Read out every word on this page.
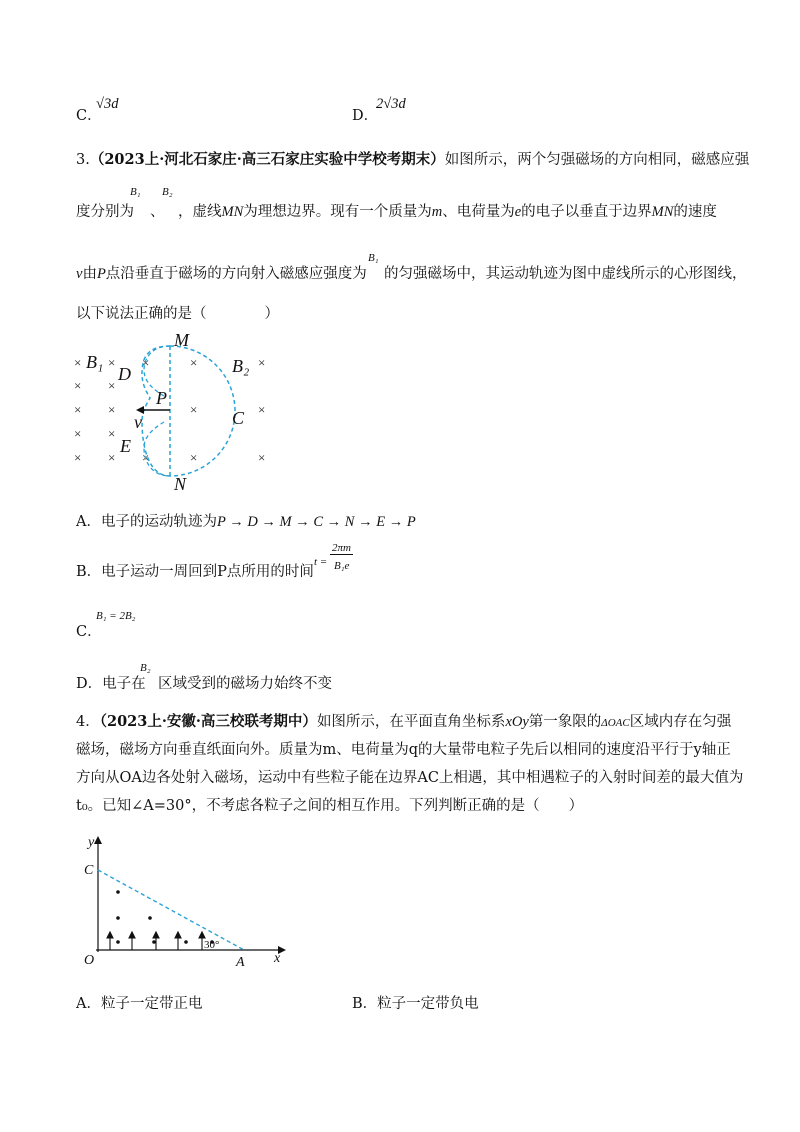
C．
√3d
D．
2√3d
3.（2023上·河北石家庄·高三石家庄实验中学校考期末）如图所示，两个匀强磁场的方向相同，磁感应强
度分别为
B₁
、
B₂
，虚线MN为理想边界。现有一个质量为m、电荷量为e的电子以垂直于边界MN的速度
v由P点沿垂直于磁场的方向射入磁感应强度为
B₁
的匀强磁场中，其运动轨迹为图中虚线所示的心形图线，
以下说法正确的是（　　　　）
× × ×	×	×
× ×
× ×	×	×
× ×
× × ×	×	×
M
N
P
C
D
E
v
B₁	B₂
A．电子的运动轨迹为P → D → M → C → N → E → P
B．电子运动一周回到P点所用的时间
t =
2πm
B₁e
C．
B₁ = 2B₂
D．电子在
B₂
区域受到的磁场力始终不变
4．（2023上·安徽·高三校联考期中）如图所示，在平面直角坐标系xOy第一象限的ΔOAC区域内存在匀强
磁场，磁场方向垂直纸面向外。质量为m、电荷量为q的大量带电粒子先后以相同的速度沿平行于y轴正
方向从OA边各处射入磁场，运动中有些粒子能在边界AC上相遇，其中相遇粒子的入射时间差的最大值为
t₀。已知∠A=30°，不考虑各粒子之间的相互作用。下列判断正确的是（　　）
y
x
O	A
C
30°
A．粒子一定带正电	B．粒子一定带负电
